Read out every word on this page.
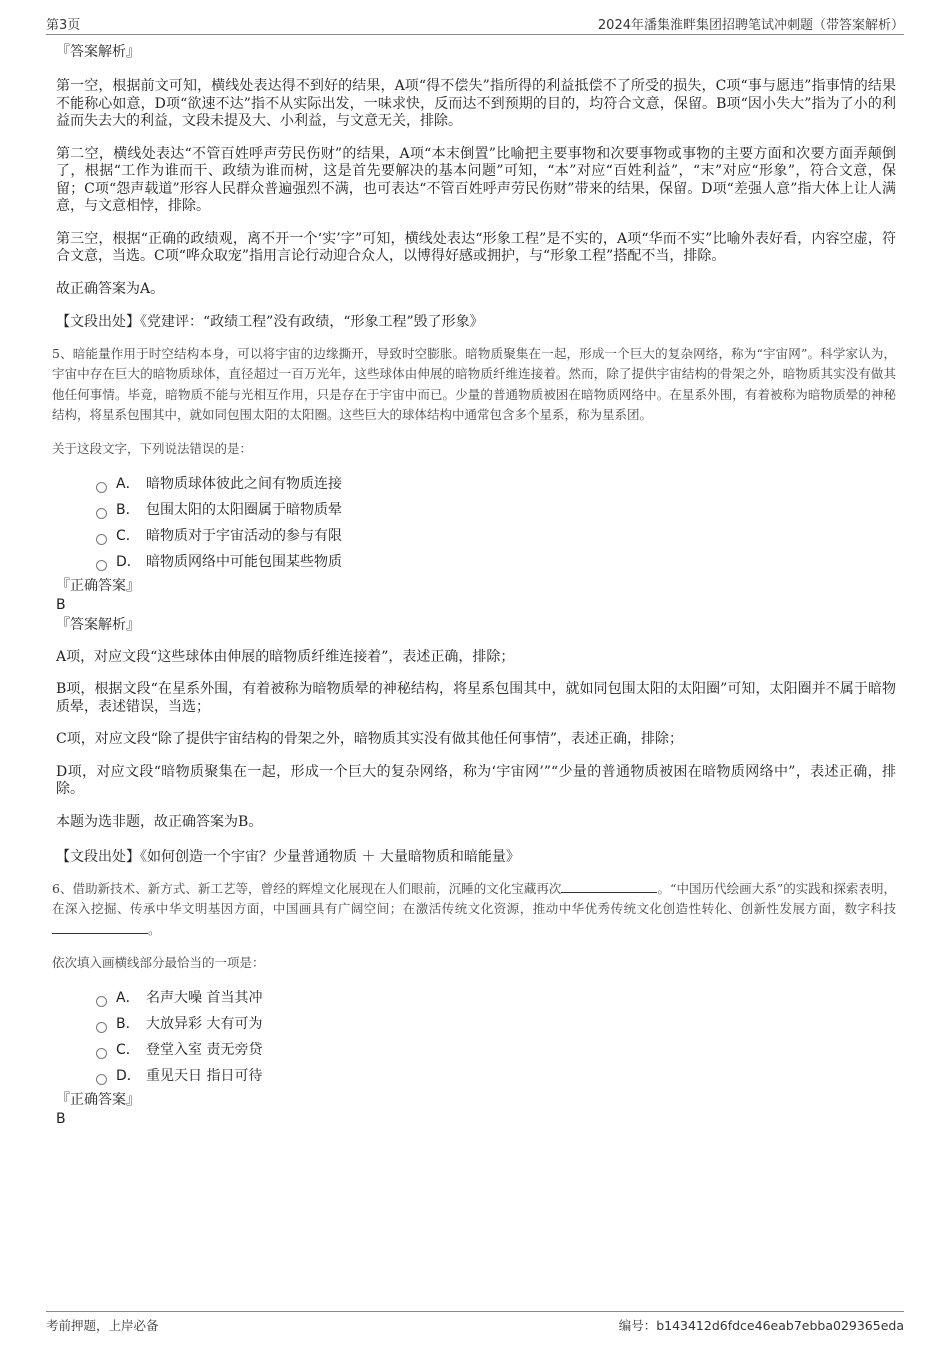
第3页	2024年潘集淮畔集团招聘笔试冲刺题（带答案解析）
『答案解析』

第一空，根据前文可知，横线处表达得不到好的结果，A项“得不偿失”指所得的利益抵偿不了所受的损失，C项“事与愿违”指事情的结果不能称心如意，D项“欲速不达”指不从实际出发，一味求快，反而达不到预期的目的，均符合文意，保留。B项“因小失大”指为了小的利益而失去大的利益，文段未提及大、小利益，与文意无关，排除。

第二空，横线处表达“不管百姓呼声劳民伤财”的结果，A项“本末倒置”比喻把主要事物和次要事物或事物的主要方面和次要方面弄颠倒了，根据“工作为谁而干、政绩为谁而树，这是首先要解决的基本问题”可知，“本”对应“百姓利益”，“末”对应“形象”，符合文意，保留；C项“怨声载道”形容人民群众普遍强烈不满，也可表达“不管百姓呼声劳民伤财”带来的结果，保留。D项“差强人意”指大体上让人满意，与文意相悖，排除。

第三空，根据“正确的政绩观，离不开一个‘实’字”可知，横线处表达“形象工程”是不实的，A项“华而不实”比喻外表好看，内容空虚，符合文意，当选。C项“哗众取宠”指用言论行动迎合众人，以博得好感或拥护，与“形象工程”搭配不当，排除。

故正确答案为A。

【文段出处】《党建评：“政绩工程”没有政绩，“形象工程”毁了形象》

5、暗能量作用于时空结构本身，可以将宇宙的边缘撕开，导致时空膨胀。暗物质聚集在一起，形成一个巨大的复杂网络，称为“宇宙网”。科学家认为，宇宙中存在巨大的暗物质球体，直径超过一百万光年，这些球体由伸展的暗物质纤维连接着。然而，除了提供宇宙结构的骨架之外，暗物质其实没有做其他任何事情。毕竟，暗物质不能与光相互作用，只是存在于宇宙中而已。少量的普通物质被困在暗物质网络中。在星系外围，有着被称为暗物质晕的神秘结构，将星系包围其中，就如同包围太阳的太阳圈。这些巨大的球体结构中通常包含多个星系，称为星系团。

关于这段文字，下列说法错误的是：

A． 暗物质球体彼此之间有物质连接
B． 包围太阳的太阳圈属于暗物质晕
C． 暗物质对于宇宙活动的参与有限
D． 暗物质网络中可能包围某些物质
『正确答案』
B
『答案解析』

A项，对应文段“这些球体由伸展的暗物质纤维连接着”，表述正确，排除；

B项，根据文段“在星系外围，有着被称为暗物质晕的神秘结构，将星系包围其中，就如同包围太阳的太阳圈”可知，太阳圈并不属于暗物质晕，表述错误，当选；

C项，对应文段“除了提供宇宙结构的骨架之外，暗物质其实没有做其他任何事情”，表述正确，排除；

D项，对应文段“暗物质聚集在一起，形成一个巨大的复杂网络，称为‘宇宙网’”“少量的普通物质被困在暗物质网络中”，表述正确，排除。

本题为选非题，故正确答案为B。

【文段出处】《如何创造一个宇宙？少量普通物质 ＋ 大量暗物质和暗能量》

6、借助新技术、新方式、新工艺等，曾经的辉煌文化展现在人们眼前，沉睡的文化宝藏再次	。“中国历代绘画大系”的实践和探索表明，在深入挖掘、传承中华文明基因方面，中国画具有广阔空间；在激活传统文化资源，推动中华优秀传统文化创造性转化、创新性发展方面，数字科技。

依次填入画横线部分最恰当的一项是：

A． 名声大噪 首当其冲
B． 大放异彩 大有可为
C． 登堂入室 责无旁贷
D． 重见天日 指日可待
『正确答案』
B
考前押题，上岸必备	编号：b143412d6fdce46eab7ebba029365eda
